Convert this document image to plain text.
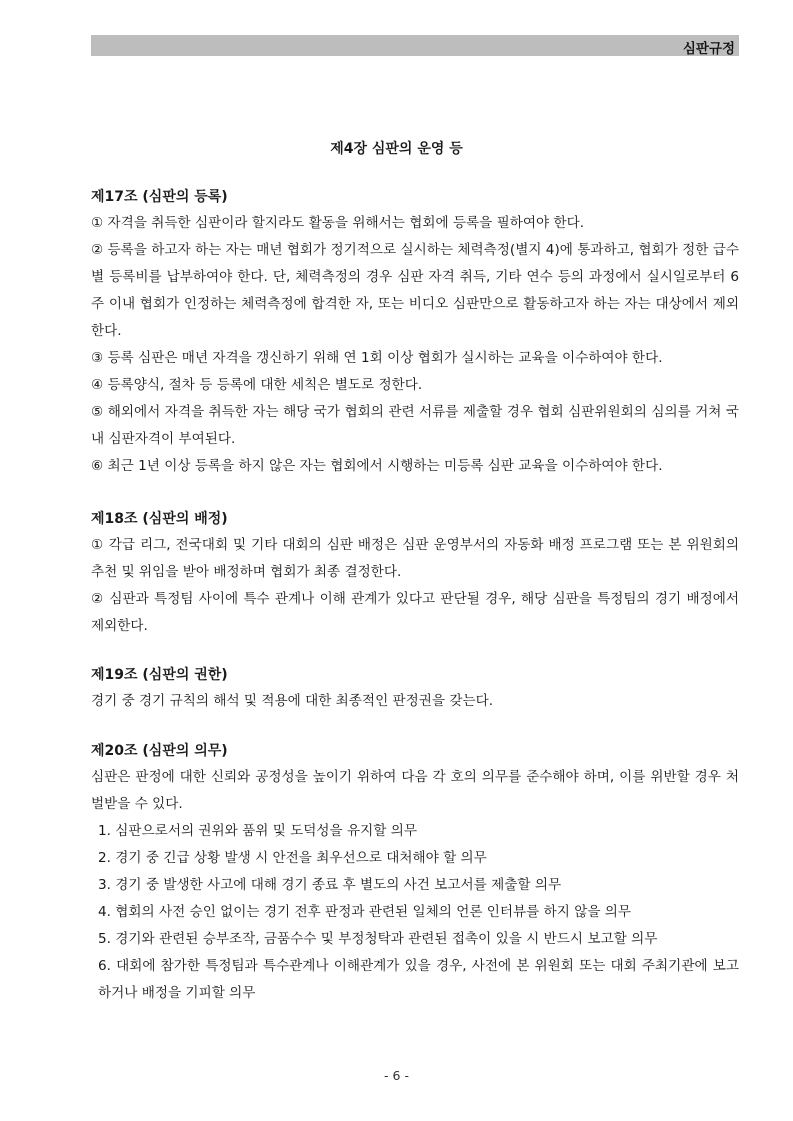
심판규정
제4장 심판의 운영 등
제17조 (심판의 등록)
① 자격을 취득한 심판이라 할지라도 활동을 위해서는 협회에 등록을 필하여야 한다.
② 등록을 하고자 하는 자는 매년 협회가 정기적으로 실시하는 체력측정(별지 4)에 통과하고, 협회가 정한 급수별 등록비를 납부하여야 한다. 단, 체력측정의 경우 심판 자격 취득, 기타 연수 등의 과정에서 실시일로부터 6주 이내 협회가 인정하는 체력측정에 합격한 자, 또는 비디오 심판만으로 활동하고자 하는 자는 대상에서 제외한다.
③ 등록 심판은 매년 자격을 갱신하기 위해 연 1회 이상 협회가 실시하는 교육을 이수하여야 한다.
④ 등록양식, 절차 등 등록에 대한 세칙은 별도로 정한다.
⑤ 해외에서 자격을 취득한 자는 해당 국가 협회의 관련 서류를 제출할 경우 협회 심판위원회의 심의를 거쳐 국내 심판자격이 부여된다.
⑥ 최근 1년 이상 등록을 하지 않은 자는 협회에서 시행하는 미등록 심판 교육을 이수하여야 한다.
제18조 (심판의 배정)
① 각급 리그, 전국대회 및 기타 대회의 심판 배정은 심판 운영부서의 자동화 배정 프로그램 또는 본 위원회의 추천 및 위임을 받아 배정하며 협회가 최종 결정한다.
② 심판과 특정팀 사이에 특수 관계나 이해 관계가 있다고 판단될 경우, 해당 심판을 특정팀의 경기 배정에서 제외한다.
제19조 (심판의 권한)
경기 중 경기 규칙의 해석 및 적용에 대한 최종적인 판정권을 갖는다.
제20조 (심판의 의무)
심판은 판정에 대한 신뢰와 공정성을 높이기 위하여 다음 각 호의 의무를 준수해야 하며, 이를 위반할 경우 처벌받을 수 있다.
1. 심판으로서의 권위와 품위 및 도덕성을 유지할 의무
2. 경기 중 긴급 상황 발생 시 안전을 최우선으로 대처해야 할 의무
3. 경기 중 발생한 사고에 대해 경기 종료 후 별도의 사건 보고서를 제출할 의무
4. 협회의 사전 승인 없이는 경기 전후 판정과 관련된 일체의 언론 인터뷰를 하지 않을 의무
5. 경기와 관련된 승부조작, 금품수수 및 부정청탁과 관련된 접촉이 있을 시 반드시 보고할 의무
6. 대회에 참가한 특정팀과 특수관계나 이해관계가 있을 경우, 사전에 본 위원회 또는 대회 주최기관에 보고하거나 배정을 기피할 의무
- 6 -
